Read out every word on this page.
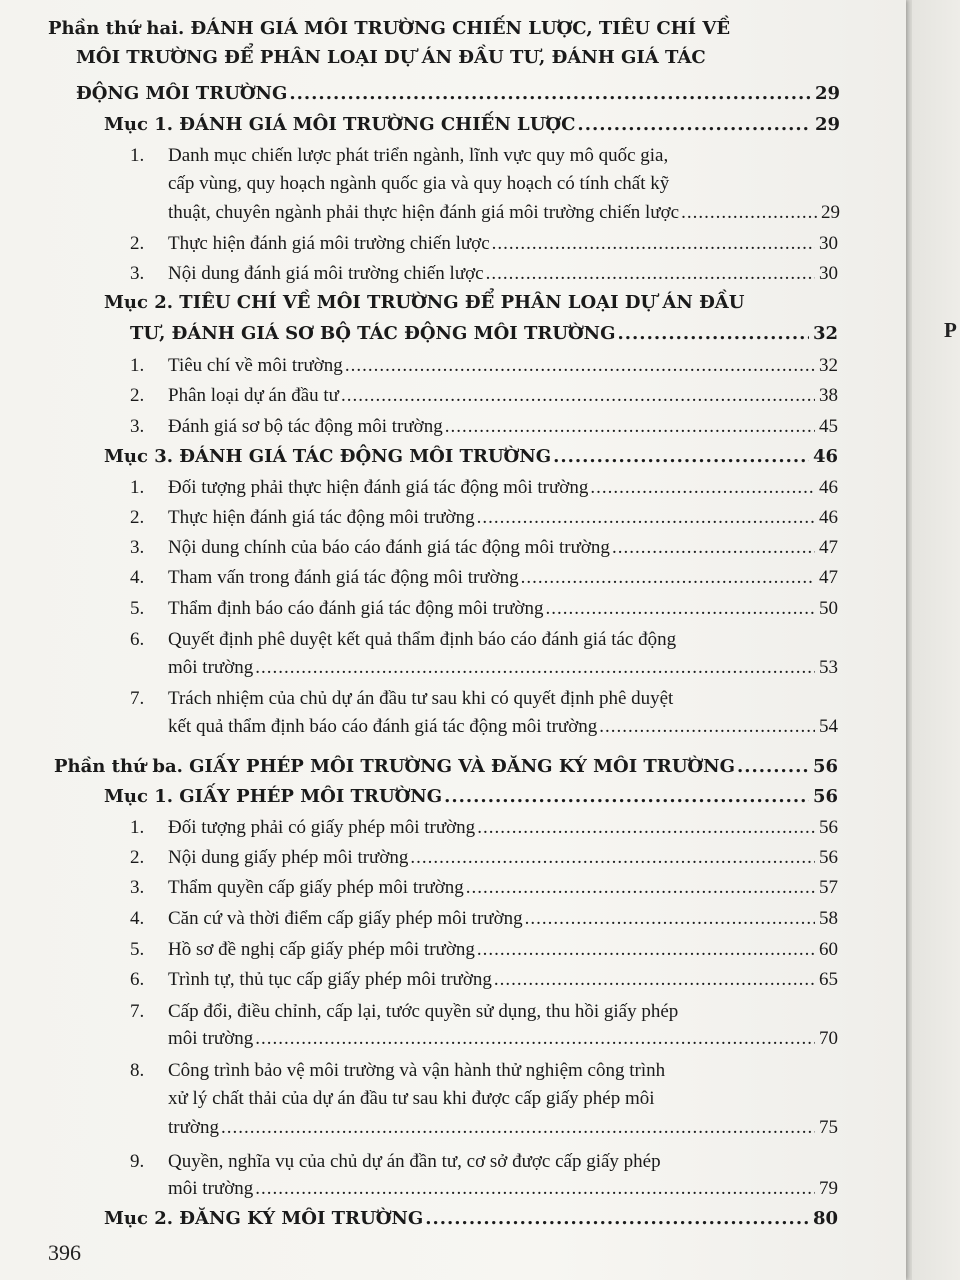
Phần thứ hai. ĐÁNH GIÁ MÔI TRƯỜNG CHIẾN LƯỢC, TIÊU CHÍ VỀ
MÔI TRƯỜNG ĐỂ PHÂN LOẠI DỰ ÁN ĐẦU TƯ, ĐÁNH GIÁ TÁC
ĐỘNG MÔI TRƯỜNG .....	29
Mục 1. ĐÁNH GIÁ MÔI TRƯỜNG CHIẾN LƯỢC .....	29
1.	Danh mục chiến lược phát triển ngành, lĩnh vực quy mô quốc gia,
cấp vùng, quy hoạch ngành quốc gia và quy hoạch có tính chất kỹ
thuật, chuyên ngành phải thực hiện đánh giá môi trường chiến lược .....	29
2.	Thực hiện đánh giá môi trường chiến lược .....	30
3.	Nội dung đánh giá môi trường chiến lược .....	30
Mục 2. TIÊU CHÍ VỀ MÔI TRƯỜNG ĐỂ PHÂN LOẠI DỰ ÁN ĐẦU
TƯ, ĐÁNH GIÁ SƠ BỘ TÁC ĐỘNG MÔI TRƯỜNG .....	32
1.	Tiêu chí về môi trường .....	32
2.	Phân loại dự án đầu tư .....	38
3.	Đánh giá sơ bộ tác động môi trường .....	45
Mục 3. ĐÁNH GIÁ TÁC ĐỘNG MÔI TRƯỜNG .....	46
1.	Đối tượng phải thực hiện đánh giá tác động môi trường .....	46
2.	Thực hiện đánh giá tác động môi trường .....	46
3.	Nội dung chính của báo cáo đánh giá tác động môi trường .....	47
4.	Tham vấn trong đánh giá tác động môi trường .....	47
5.	Thẩm định báo cáo đánh giá tác động môi trường .....	50
6.	Quyết định phê duyệt kết quả thẩm định báo cáo đánh giá tác động
môi trường .....	53
7.	Trách nhiệm của chủ dự án đầu tư sau khi có quyết định phê duyệt
kết quả thẩm định báo cáo đánh giá tác động môi trường .....	54
Phần thứ ba. GIẤY PHÉP MÔI TRƯỜNG VÀ ĐĂNG KÝ MÔI TRƯỜNG .....	56
Mục 1. GIẤY PHÉP MÔI TRƯỜNG .....	56
1.	Đối tượng phải có giấy phép môi trường .....	56
2.	Nội dung giấy phép môi trường .....	56
3.	Thẩm quyền cấp giấy phép môi trường .....	57
4.	Căn cứ và thời điểm cấp giấy phép môi trường .....	58
5.	Hồ sơ đề nghị cấp giấy phép môi trường .....	60
6.	Trình tự, thủ tục cấp giấy phép môi trường .....	65
7.	Cấp đổi, điều chỉnh, cấp lại, tước quyền sử dụng, thu hồi giấy phép
môi trường .....	70
8.	Công trình bảo vệ môi trường và vận hành thử nghiệm công trình
xử lý chất thải của dự án đầu tư sau khi được cấp giấy phép môi
trường .....	75
9.	Quyền, nghĩa vụ của chủ dự án đần tư, cơ sở được cấp giấy phép
môi trường .....	79
Mục 2. ĐĂNG KÝ MÔI TRƯỜNG .....	80
396
P
